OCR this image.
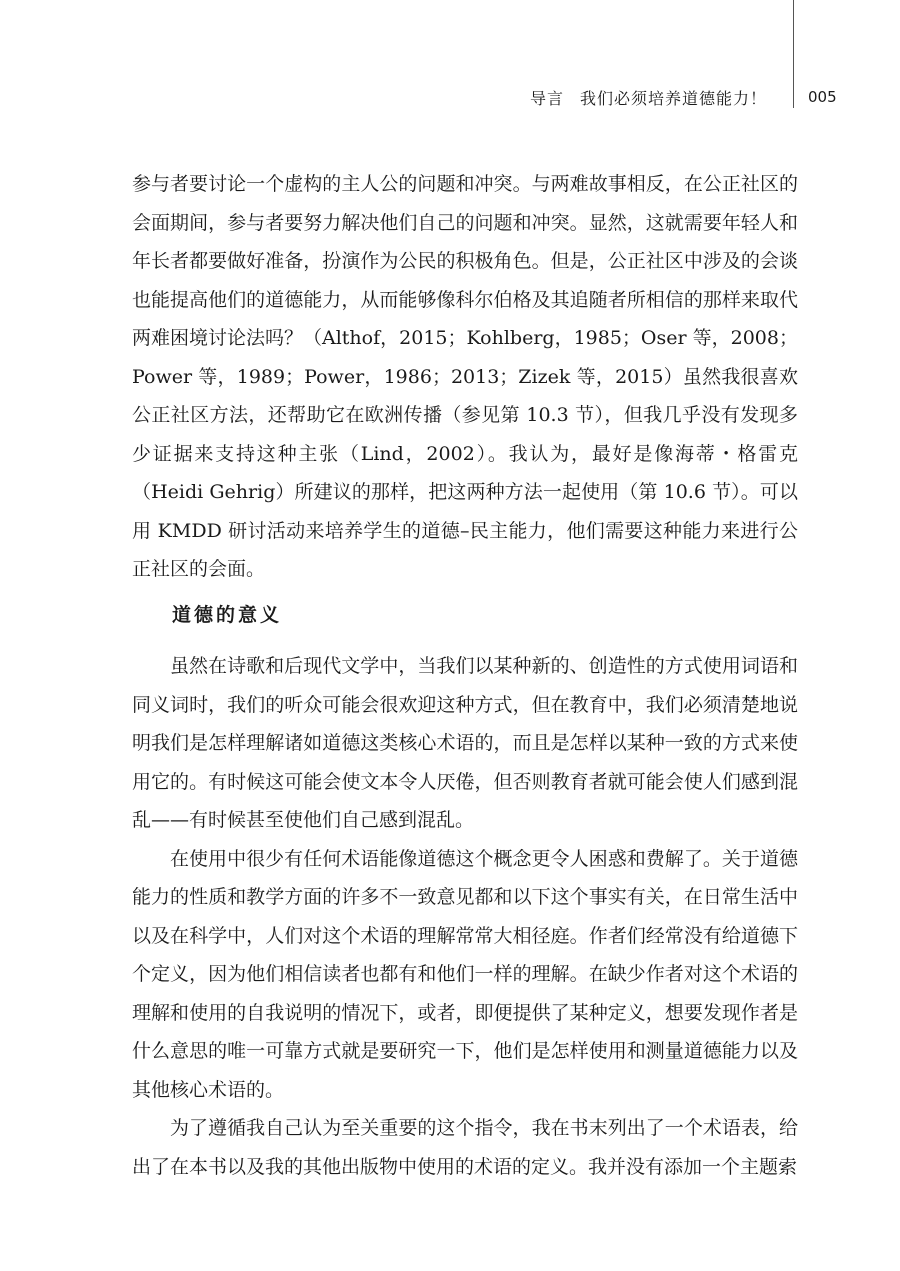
导言 我们必须培养道德能力！	005

参与者要讨论一个虚构的主人公的问题和冲突。与两难故事相反，在公正社区的会面期间，参与者要努力解决他们自己的问题和冲突。显然，这就需要年轻人和年长者都要做好准备，扮演作为公民的积极角色。但是，公正社区中涉及的会谈也能提高他们的道德能力，从而能够像科尔伯格及其追随者所相信的那样来取代两难困境讨论法吗？（Althof，2015；Kohlberg，1985；Oser 等，2008；Power 等，1989；Power，1986；2013；Zizek 等，2015）虽然我很喜欢公正社区方法，还帮助它在欧洲传播（参见第 10.3 节），但我几乎没有发现多少证据来支持这种主张（Lind，2002）。我认为，最好是像海蒂・格雷克（Heidi Gehrig）所建议的那样，把这两种方法一起使用（第 10.6 节）。可以用 KMDD 研讨活动来培养学生的道德–民主能力，他们需要这种能力来进行公正社区的会面。

道德的意义

虽然在诗歌和后现代文学中，当我们以某种新的、创造性的方式使用词语和同义词时，我们的听众可能会很欢迎这种方式，但在教育中，我们必须清楚地说明我们是怎样理解诸如道德这类核心术语的，而且是怎样以某种一致的方式来使用它的。有时候这可能会使文本令人厌倦，但否则教育者就可能会使人们感到混乱——有时候甚至使他们自己感到混乱。

在使用中很少有任何术语能像道德这个概念更令人困惑和费解了。关于道德能力的性质和教学方面的许多不一致意见都和以下这个事实有关，在日常生活中以及在科学中，人们对这个术语的理解常常大相径庭。作者们经常没有给道德下个定义，因为他们相信读者也都有和他们一样的理解。在缺少作者对这个术语的理解和使用的自我说明的情况下，或者，即便提供了某种定义，想要发现作者是什么意思的唯一可靠方式就是要研究一下，他们是怎样使用和测量道德能力以及其他核心术语的。

为了遵循我自己认为至关重要的这个指令，我在书末列出了一个术语表，给出了在本书以及我的其他出版物中使用的术语的定义。我并没有添加一个主题索
